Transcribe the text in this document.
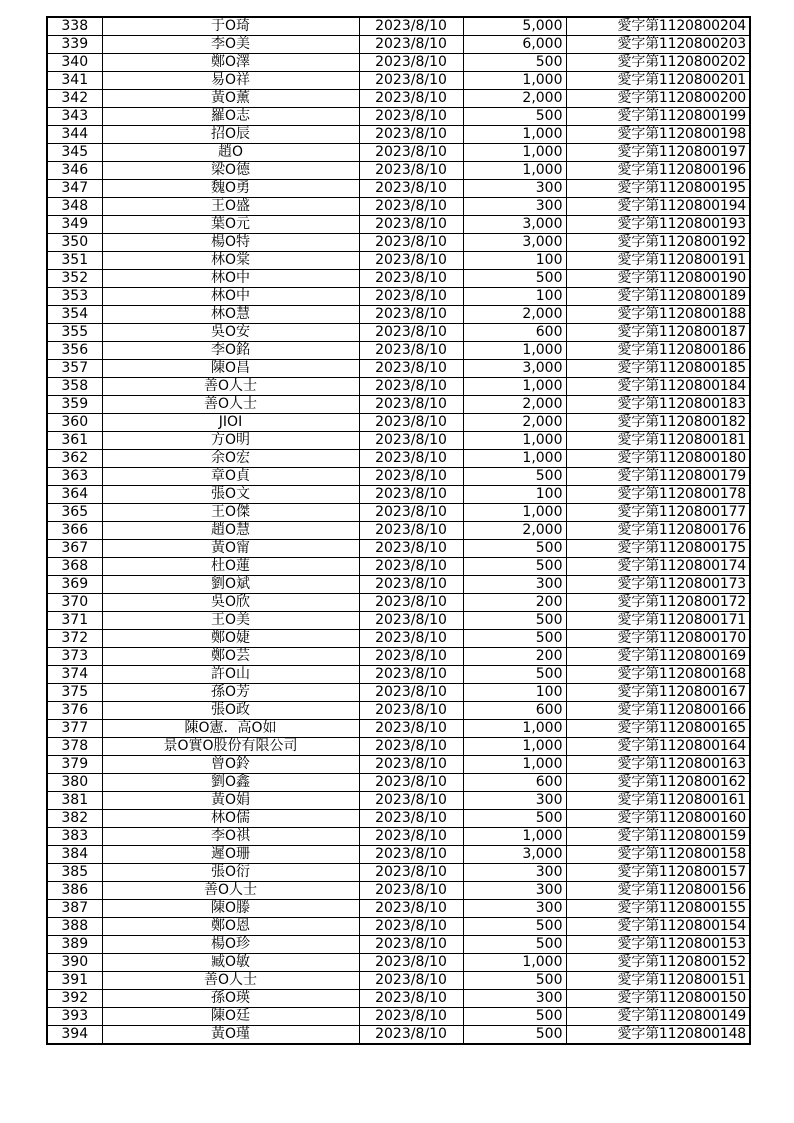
338	于O琦	2023/8/10	5,000	愛字第1120800204
339	李O美	2023/8/10	6,000	愛字第1120800203
340	鄭O澤	2023/8/10	500	愛字第1120800202
341	易O祥	2023/8/10	1,000	愛字第1120800201
342	黃O薰	2023/8/10	2,000	愛字第1120800200
343	羅O志	2023/8/10	500	愛字第1120800199
344	招O辰	2023/8/10	1,000	愛字第1120800198
345	趙O	2023/8/10	1,000	愛字第1120800197
346	梁O德	2023/8/10	1,000	愛字第1120800196
347	魏O勇	2023/8/10	300	愛字第1120800195
348	王O盛	2023/8/10	300	愛字第1120800194
349	葉O元	2023/8/10	3,000	愛字第1120800193
350	楊O特	2023/8/10	3,000	愛字第1120800192
351	林O棠	2023/8/10	100	愛字第1120800191
352	林O中	2023/8/10	500	愛字第1120800190
353	林O中	2023/8/10	100	愛字第1120800189
354	林O慧	2023/8/10	2,000	愛字第1120800188
355	吳O安	2023/8/10	600	愛字第1120800187
356	李O銘	2023/8/10	1,000	愛字第1120800186
357	陳O昌	2023/8/10	3,000	愛字第1120800185
358	善O人士	2023/8/10	1,000	愛字第1120800184
359	善O人士	2023/8/10	2,000	愛字第1120800183
360	JIOI	2023/8/10	2,000	愛字第1120800182
361	方O明	2023/8/10	1,000	愛字第1120800181
362	余O宏	2023/8/10	1,000	愛字第1120800180
363	章O貞	2023/8/10	500	愛字第1120800179
364	張O文	2023/8/10	100	愛字第1120800178
365	王O傑	2023/8/10	1,000	愛字第1120800177
366	趙O慧	2023/8/10	2,000	愛字第1120800176
367	黃O甯	2023/8/10	500	愛字第1120800175
368	杜O蓮	2023/8/10	500	愛字第1120800174
369	劉O斌	2023/8/10	300	愛字第1120800173
370	吳O欣	2023/8/10	200	愛字第1120800172
371	王O美	2023/8/10	500	愛字第1120800171
372	鄭O婕	2023/8/10	500	愛字第1120800170
373	鄭O芸	2023/8/10	200	愛字第1120800169
374	許O山	2023/8/10	500	愛字第1120800168
375	孫O芳	2023/8/10	100	愛字第1120800167
376	張O政	2023/8/10	600	愛字第1120800166
377	陳O憲．高O如	2023/8/10	1,000	愛字第1120800165
378	景O實O股份有限公司	2023/8/10	1,000	愛字第1120800164
379	曾O鈴	2023/8/10	1,000	愛字第1120800163
380	劉O鑫	2023/8/10	600	愛字第1120800162
381	黃O娟	2023/8/10	300	愛字第1120800161
382	林O儒	2023/8/10	500	愛字第1120800160
383	李O祺	2023/8/10	1,000	愛字第1120800159
384	遲O珊	2023/8/10	3,000	愛字第1120800158
385	張O衍	2023/8/10	300	愛字第1120800157
386	善O人士	2023/8/10	300	愛字第1120800156
387	陳O滕	2023/8/10	300	愛字第1120800155
388	鄭O恩	2023/8/10	500	愛字第1120800154
389	楊O珍	2023/8/10	500	愛字第1120800153
390	臧O敏	2023/8/10	1,000	愛字第1120800152
391	善O人士	2023/8/10	500	愛字第1120800151
392	孫O瑛	2023/8/10	300	愛字第1120800150
393	陳O廷	2023/8/10	500	愛字第1120800149
394	黃O瑾	2023/8/10	500	愛字第1120800148
